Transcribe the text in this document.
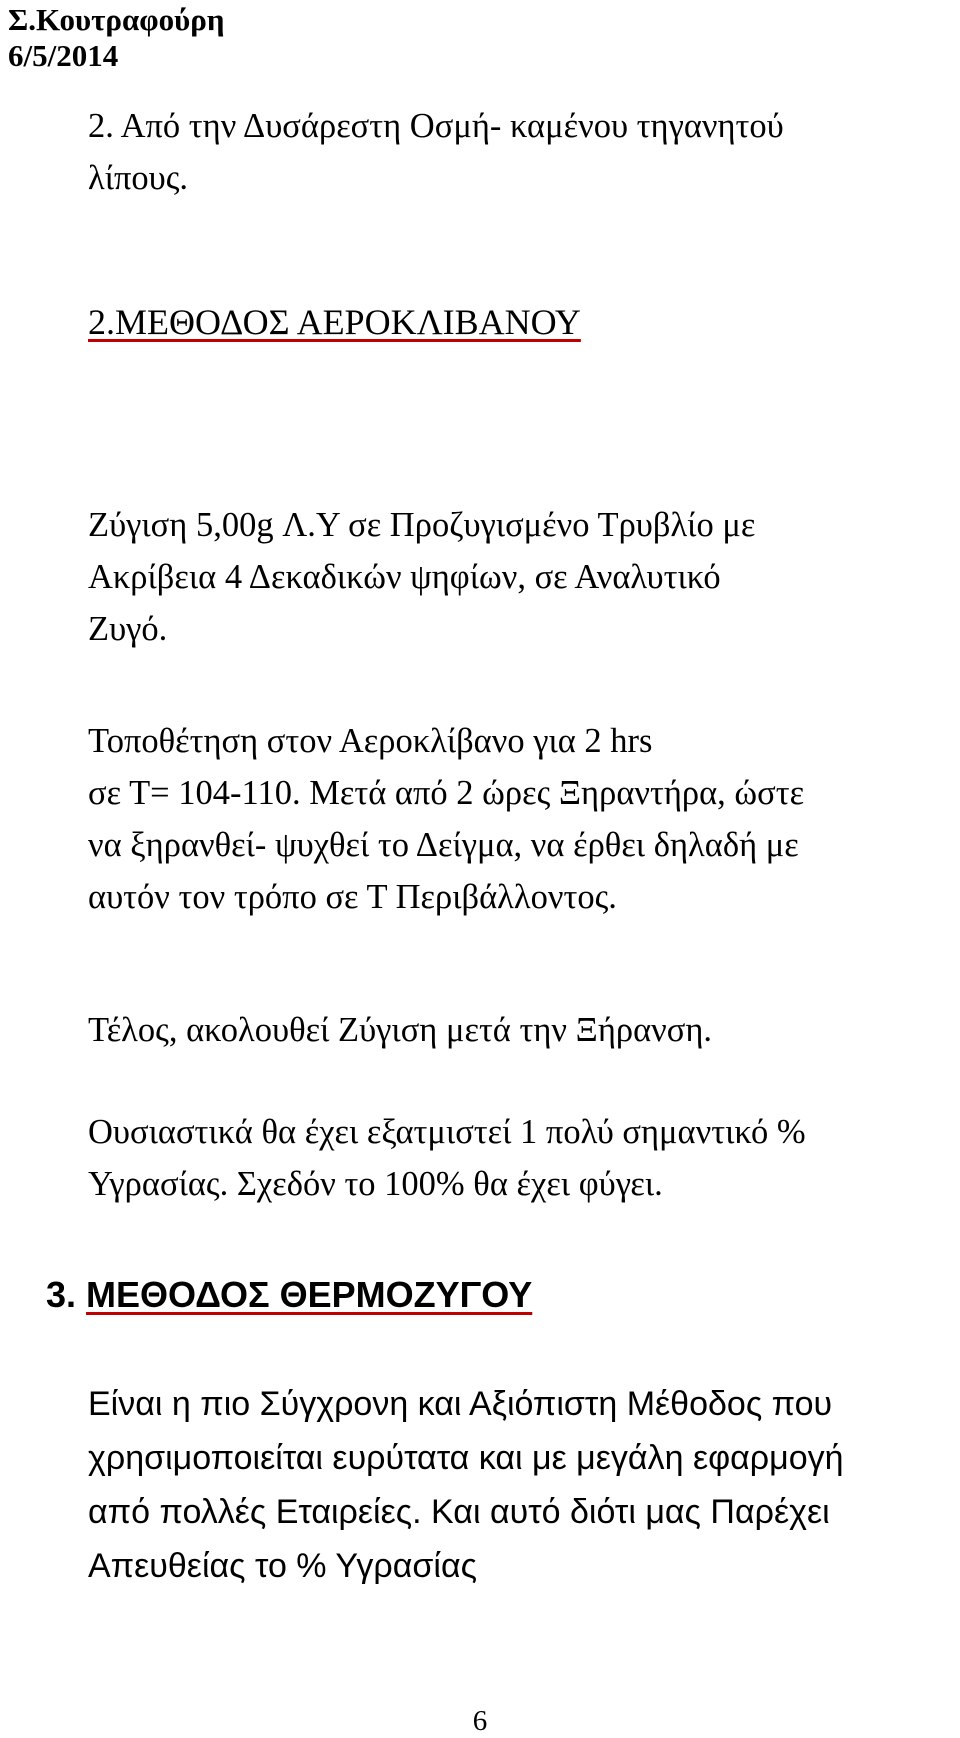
Σ.Κουτραφούρη
6/5/2014
2. Από την Δυσάρεστη Οσμή- καμένου τηγανητού
λίπους.
2.ΜΕΘΟΔΟΣ ΑΕΡΟΚΛΙΒΑΝΟΥ
Ζύγιση 5,00g Λ.Υ σε Προζυγισμένο Τρυβλίο με
Ακρίβεια 4 Δεκαδικών ψηφίων, σε Αναλυτικό
Ζυγό.
Τοποθέτηση στον Αεροκλίβανο για 2 hrs
σε Τ= 104-110. Μετά από 2 ώρες Ξηραντήρα, ώστε
να ξηρανθεί- ψυχθεί το Δείγμα, να έρθει δηλαδή με
αυτόν τον τρόπο σε Τ Περιβάλλοντος.
Τέλος, ακολουθεί Ζύγιση μετά την Ξήρανση.
Ουσιαστικά θα έχει εξατμιστεί 1 πολύ σημαντικό %
Υγρασίας. Σχεδόν το 100% θα έχει φύγει.
3. ΜΕΘΟΔΟΣ ΘΕΡΜΟΖΥΓΟΥ
Είναι η πιο Σύγχρονη και Αξιόπιστη Μέθοδος που
χρησιμοποιείται ευρύτατα και με μεγάλη εφαρμογή
από πολλές Εταιρείες. Και αυτό διότι μας Παρέχει
Απευθείας το % Υγρασίας
6
